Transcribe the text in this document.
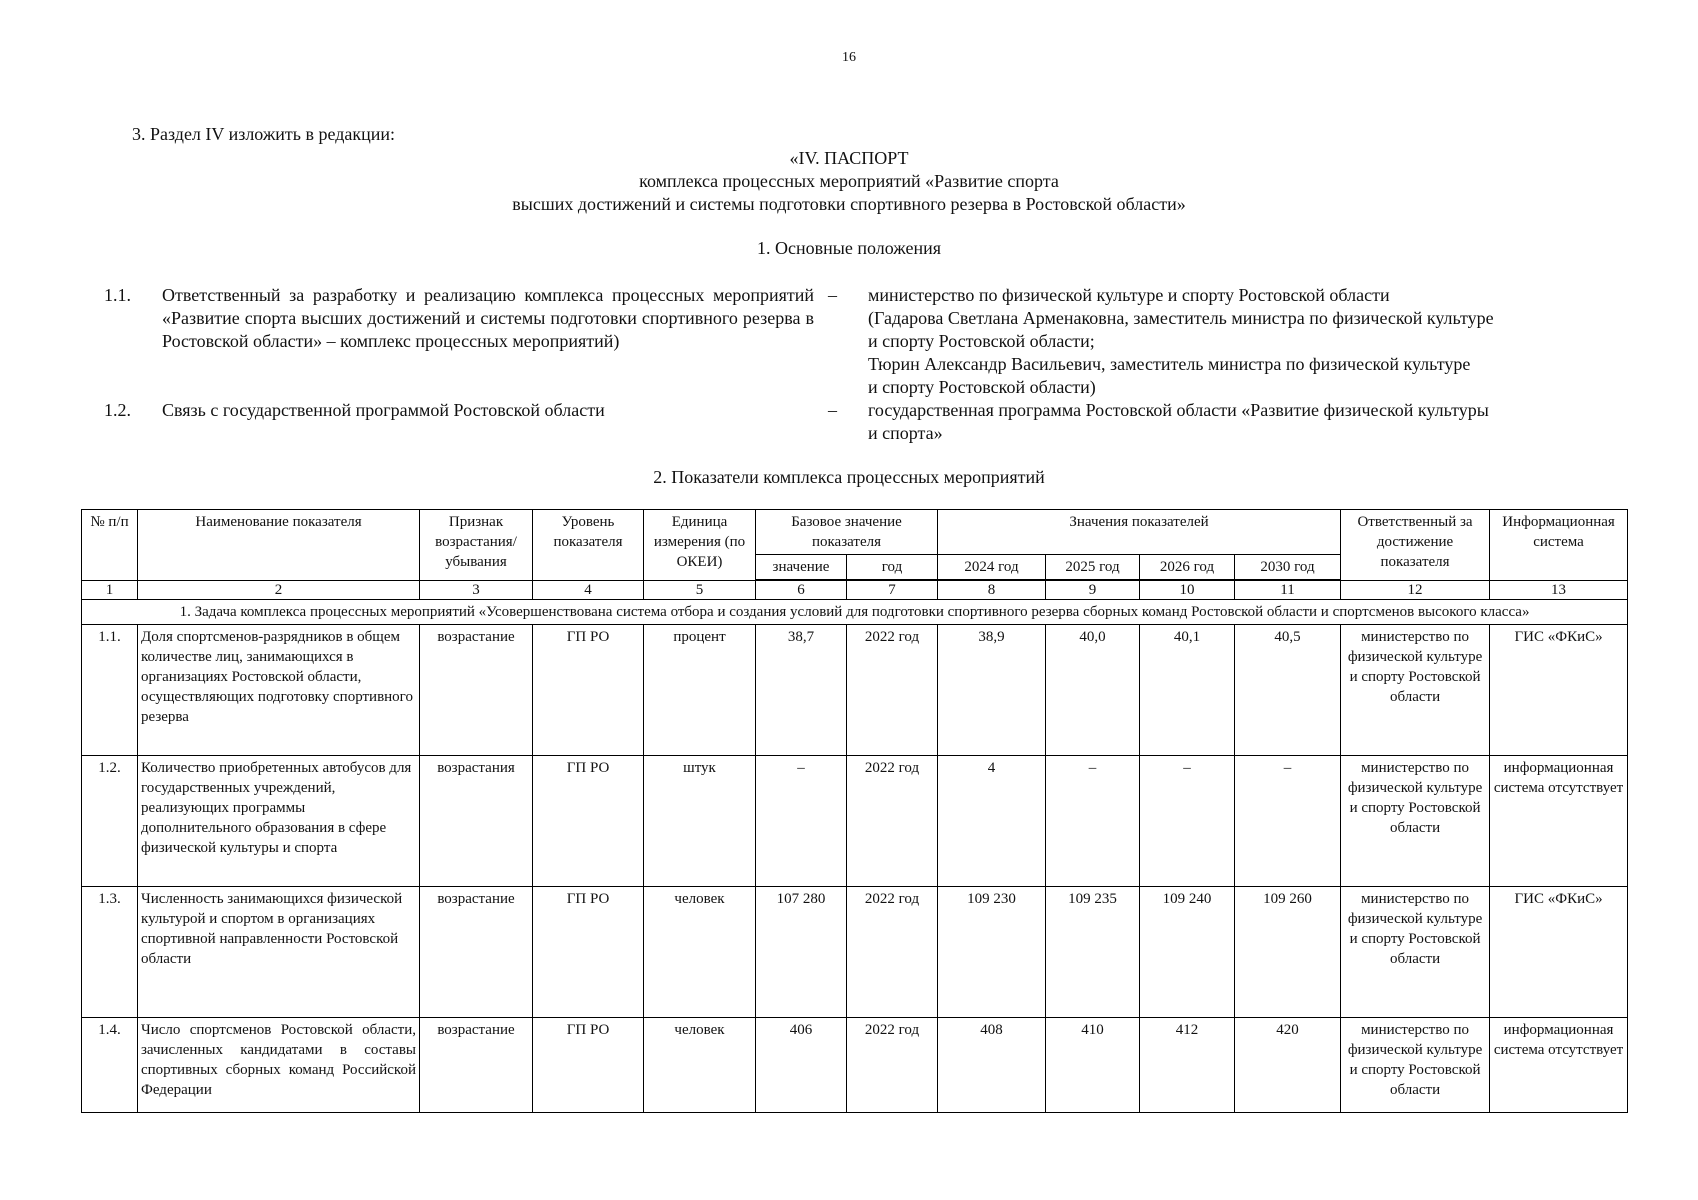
16
3. Раздел IV изложить в редакции:
«IV. ПАСПОРТ
комплекса процессных мероприятий «Развитие спорта
высших достижений и системы подготовки спортивного резерва в Ростовской области»
1. Основные положения
1.1. Ответственный за разработку и реализацию комплекса процессных мероприятий «Развитие спорта высших достижений и системы подготовки спортивного резерва в Ростовской области» – комплекс процессных мероприятий)
– министерство по физической культуре и спорту Ростовской области
(Гадарова Светлана Арменаковна, заместитель министра по физической культуре
и спорту Ростовской области;
Тюрин Александр Васильевич, заместитель министра по физической культуре
и спорту Ростовской области)
1.2. Связь с государственной программой Ростовской области	– государственная программа Ростовской области «Развитие физической культуры
и спорта»
2. Показатели комплекса процессных мероприятий
№ п/п	Наименование показателя	Признак возрастания/ убывания	Уровень показателя	Единица измерения (по ОКЕИ)	Базовое значение показателя		Значения показателей				Ответственный за достижение показателя	Информационная система
					значение	год	2024 год	2025 год	2026 год	2030 год		
1	2	3	4	5	6	7	8	9	10	11	12	13
1. Задача комплекса процессных мероприятий «Усовершенствована система отбора и создания условий для подготовки спортивного резерва сборных команд Ростовской области и спортсменов высокого класса»												
1.1.	Доля спортсменов-разрядников в общем количестве лиц, занимающихся в организациях Ростовской области, осуществляющих подготовку спортивного резерва	возрастание	ГП РО	процент	38,7	2022 год	38,9	40,0	40,1	40,5	министерство по физической культуре и спорту Ростовской области	ГИС «ФКиС»
1.2.	Количество приобретенных автобусов для государственных учреждений, реализующих программы дополнительного образования в сфере физической культуры и спорта	возрастания	ГП РО	штук	–	2022 год	4	–	–	–	министерство по физической культуре и спорту Ростовской области	информационная система отсутствует
1.3.	Численность занимающихся физической культурой и спортом в организациях спортивной направленности Ростовской области	возрастание	ГП РО	человек	107 280	2022 год	109 230	109 235	109 240	109 260	министерство по физической культуре и спорту Ростовской области	ГИС «ФКиС»
1.4.	Число спортсменов Ростовской области, зачисленных кандидатами в составы спортивных сборных команд Российской Федерации	возрастание	ГП РО	человек	406	2022 год	408	410	412	420	министерство по физической культуре и спорту Ростовской области	информационная система отсутствует
